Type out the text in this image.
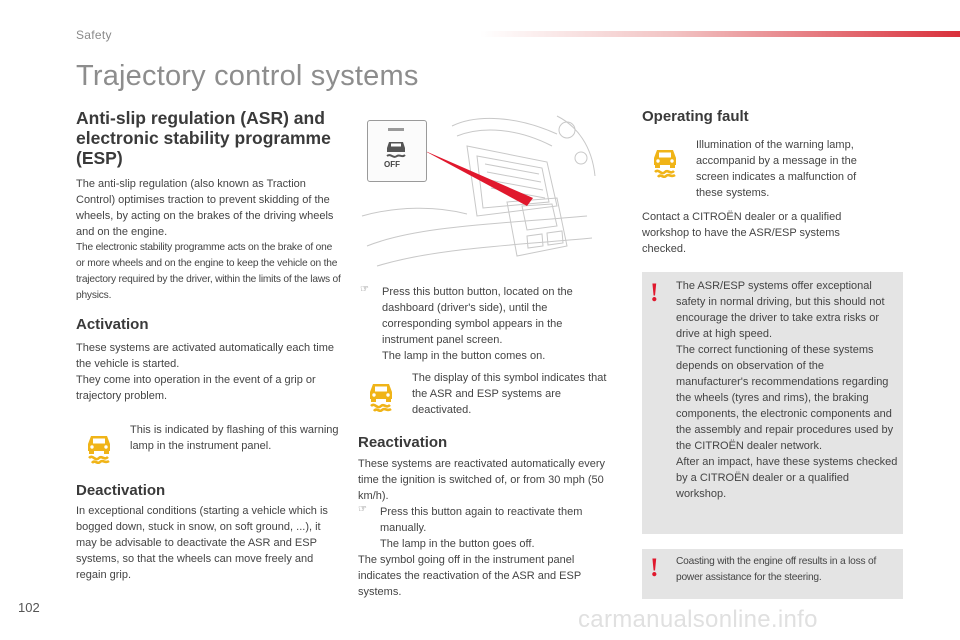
Safety
Trajectory control systems
Anti-slip regulation (ASR) and electronic stability programme (ESP)
The anti-slip regulation (also known as Traction Control) optimises traction to prevent skidding of the wheels, by acting on the brakes of the driving wheels and on the engine.
The electronic stability programme acts on the brake of one or more wheels and on the engine to keep the vehicle on the trajectory required by the driver, within the limits of the laws of physics.
Activation

These systems are activated automatically each time the vehicle is started.

They come into operation in the event of a grip or trajectory problem.

This is indicated by flashing of this warning lamp in the instrument panel.
Deactivation
In exceptional conditions (starting a vehicle which is bogged down, stuck in snow, on soft ground, ...), it may be advisable to deactivate the ASR and ESP systems, so that the wheels can move freely and regain grip.
OFF
☞ Press this button button, located on the dashboard (driver's side), until the corresponding symbol appears in the instrument panel screen.

The lamp in the button comes on.

The display of this symbol indicates that the ASR and ESP systems are deactivated.
Reactivation
These systems are reactivated automatically every time the ignition is switched of, or from 30 mph (50 km/h).
☞ Press this button again to reactivate them manually.

The lamp in the button goes off.

The symbol going off in the instrument panel indicates the reactivation of the ASR and ESP systems.
Operating fault
Illumination of the warning lamp, accompanid by a message in the screen indicates a malfunction of these systems.
Contact a CITROËN dealer or a qualified workshop to have the ASR/ESP systems checked.
! The ASR/ESP systems offer exceptional safety in normal driving, but this should not encourage the driver to take extra risks or drive at high speed.

The correct functioning of these systems depends on observation of the manufacturer's recommendations regarding the wheels (tyres and rims), the braking components, the electronic components and the assembly and repair procedures used by the CITROËN dealer network.

After an impact, have these systems checked by a CITROËN dealer or a qualified workshop.

! Coasting with the engine off results in a loss of power assistance for the steering.
102	carmanualsonline.info
